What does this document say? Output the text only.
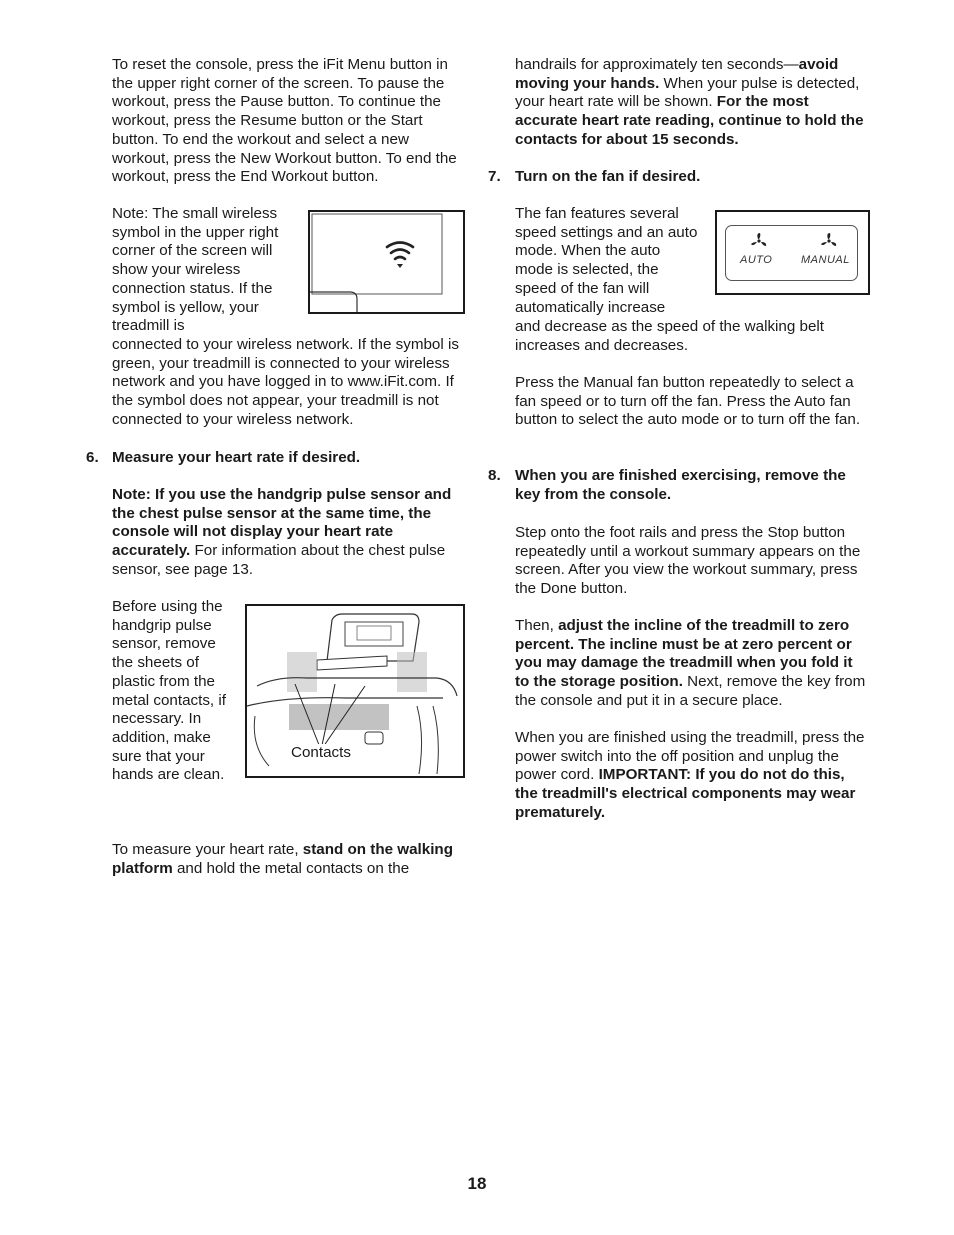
To reset the console, press the iFit Menu button in the upper right corner of the screen. To pause the workout, press the Pause button. To continue the workout, press the Resume button or the Start button. To end the workout and select a new workout, press the New Workout button. To end the workout, press the End Workout button.

Note: The small wireless symbol in the upper right corner of the screen will show your wireless connection status. If the symbol is yellow, your treadmill is

connected to your wireless network. If the symbol is green, your treadmill is connected to your wireless network and you have logged in to www.iFit.com. If the symbol does not appear, your treadmill is not connected to your wireless network.

6. Measure your heart rate if desired.

Note: If you use the handgrip pulse sensor and the chest pulse sensor at the same time, the console will not display your heart rate accurately. For information about the chest pulse sensor, see page 13.

Before using the handgrip pulse sensor, remove the sheets of plastic from the metal contacts, if necessary. In addition, make sure that your hands are clean.

Contacts

To measure your heart rate, stand on the walking platform and hold the metal contacts on the

handrails for approximately ten seconds—avoid moving your hands. When your pulse is detected, your heart rate will be shown. For the most accurate heart rate reading, continue to hold the contacts for about 15 seconds.

7. Turn on the fan if desired.

The fan features several speed settings and an auto mode. When the auto mode is selected, the speed of the fan will automatically increase

AUTO	MANUAL

and decrease as the speed of the walking belt increases and decreases.

Press the Manual fan button repeatedly to select a fan speed or to turn off the fan. Press the Auto fan button to select the auto mode or to turn off the fan.

8. When you are finished exercising, remove the key from the console.

Step onto the foot rails and press the Stop button repeatedly until a workout summary appears on the screen. After you view the workout summary, press the Done button.

Then, adjust the incline of the treadmill to zero percent. The incline must be at zero percent or you may damage the treadmill when you fold it to the storage position. Next, remove the key from the console and put it in a secure place.

When you are finished using the treadmill, press the power switch into the off position and unplug the power cord. IMPORTANT: If you do not do this, the treadmill's electrical components may wear prematurely.

18
